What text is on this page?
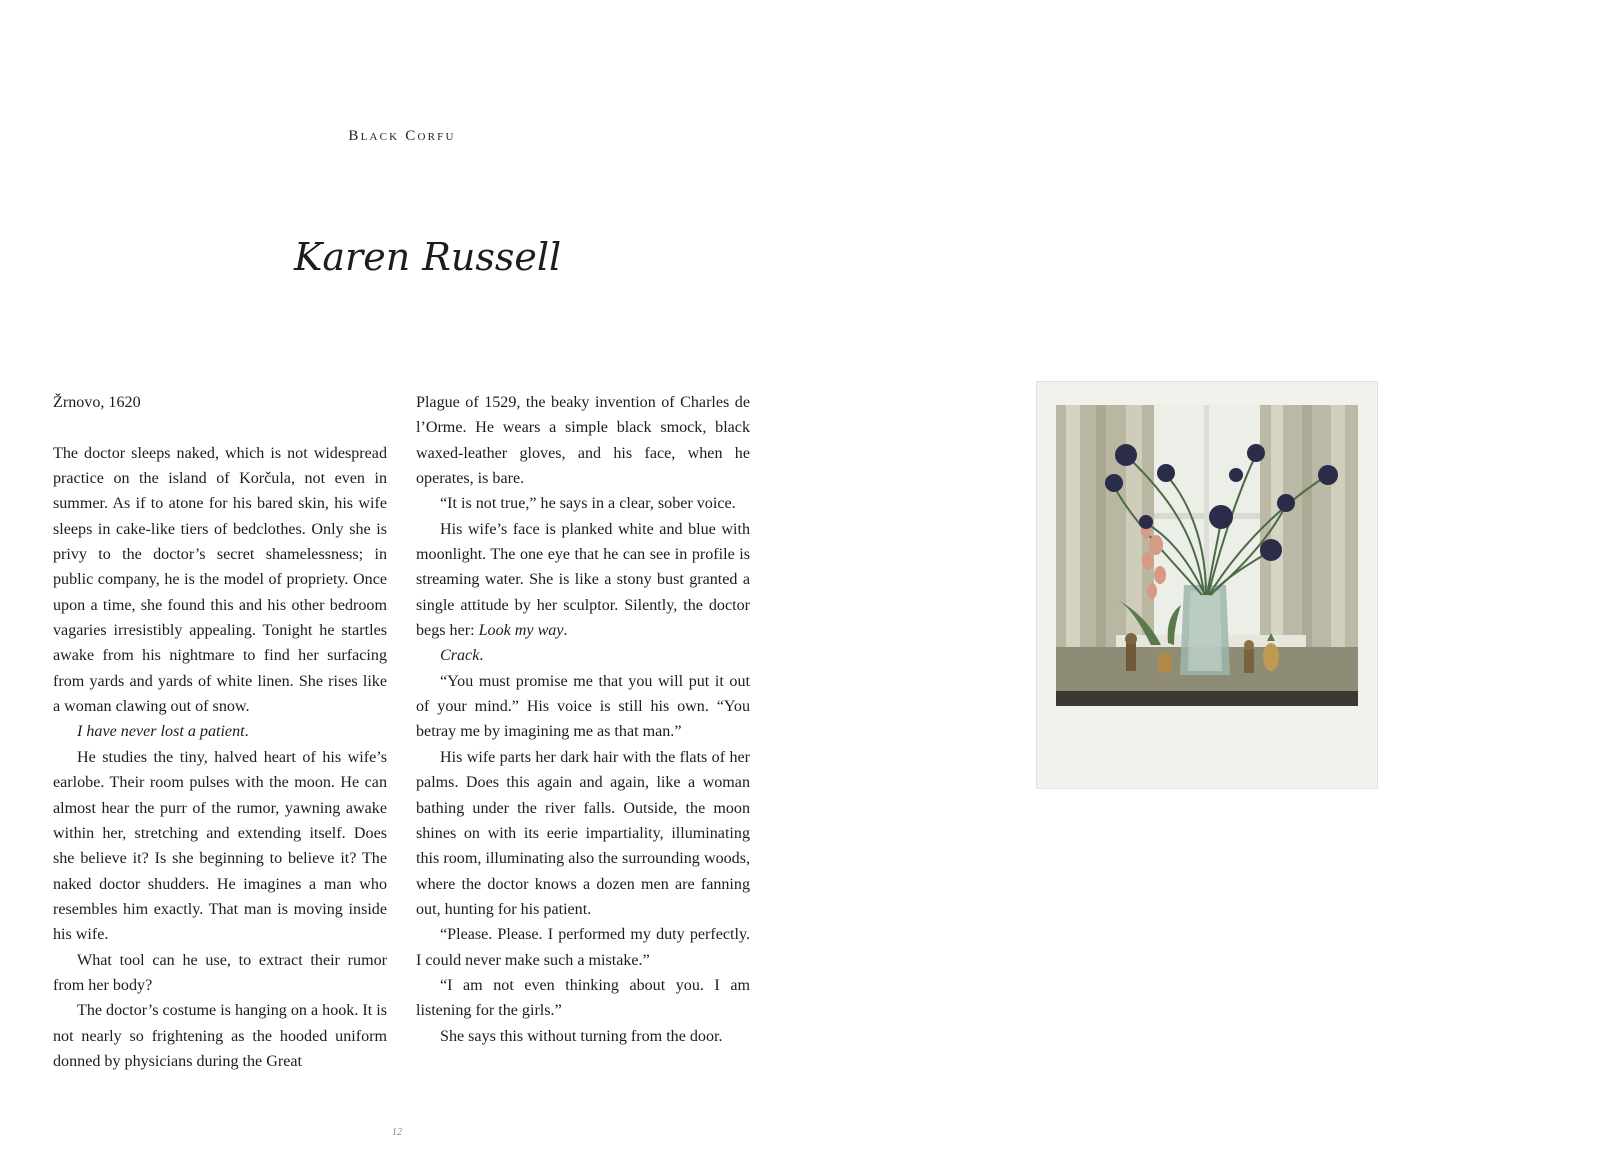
Black Corfu
Karen Russell

Žrnovo, 1620

The doctor sleeps naked, which is not widespread practice on the island of Korčula, not even in summer. As if to atone for his bared skin, his wife sleeps in cake-like tiers of bedclothes. Only she is privy to the doctor’s secret shamelessness; in public company, he is the model of propriety. Once upon a time, she found this and his other bedroom vagaries irresistibly appealing. Tonight he startles awake from his nightmare to find her surfacing from yards and yards of white linen. She rises like a woman clawing out of snow.

I have never lost a patient.

He studies the tiny, halved heart of his wife’s earlobe. Their room pulses with the moon. He can almost hear the purr of the rumor, yawning awake within her, stretching and extending itself. Does she believe it? Is she beginning to believe it? The naked doctor shudders. He imagines a man who resembles him exactly. That man is moving inside his wife.

What tool can he use, to extract their rumor from her body?

The doctor’s costume is hanging on a hook. It is not nearly so frightening as the hooded uniform donned by physicians during the Great

Plague of 1529, the beaky invention of Charles de l’Orme. He wears a simple black smock, black waxed-leather gloves, and his face, when he operates, is bare.

“It is not true,” he says in a clear, sober voice.

His wife’s face is planked white and blue with moonlight. The one eye that he can see in profile is streaming water. She is like a stony bust granted a single attitude by her sculptor. Silently, the doctor begs her: Look my way.

Crack.

“You must promise me that you will put it out of your mind.” His voice is still his own. “You betray me by imagining me as that man.”

His wife parts her dark hair with the flats of her palms. Does this again and again, like a woman bathing under the river falls. Outside, the moon shines on with its eerie impartiality, illuminating this room, illuminating also the surrounding woods, where the doctor knows a dozen men are fanning out, hunting for his patient.

“Please. Please. I performed my duty perfectly. I could never make such a mistake.”

“I am not even thinking about you. I am listening for the girls.”

She says this without turning from the door.

12
